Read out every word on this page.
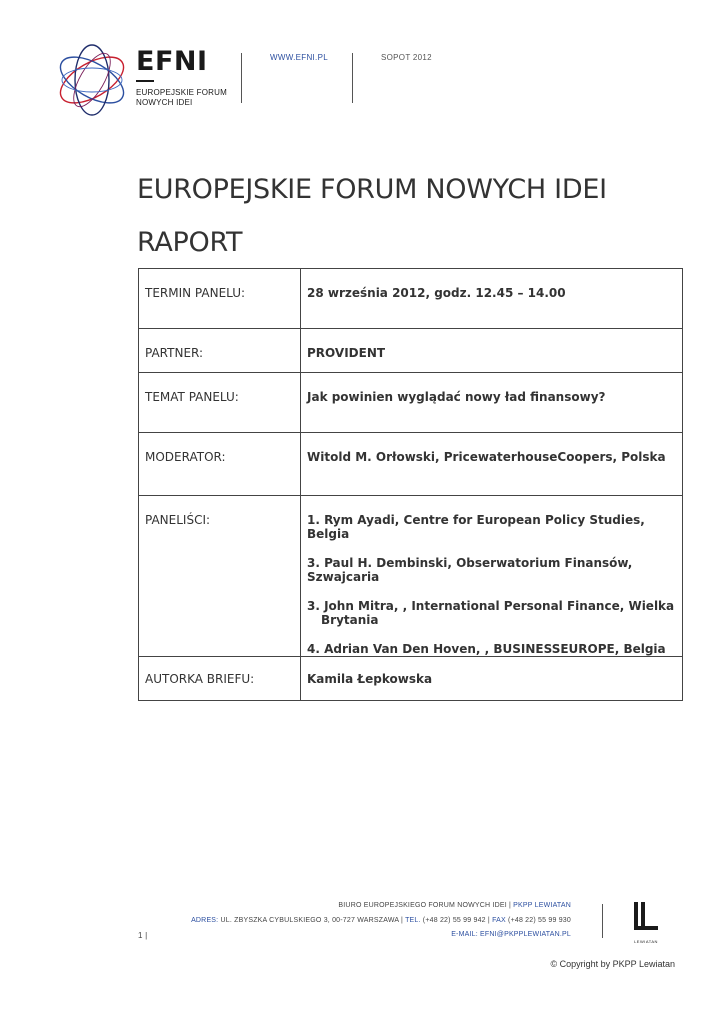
EFNI
EUROPEJSKIE FORUM
NOWYCH IDEI
WWW.EFNI.PL	SOPOT 2012
EUROPEJSKIE FORUM NOWYCH IDEI
RAPORT
TERMIN PANELU:	28 września 2012, godz. 12.45 – 14.00

PARTNER:	PROVIDENT

TEMAT PANELU:	Jak powinien wyglądać nowy ład finansowy?

MODERATOR:	Witold M. Orłowski, PricewaterhouseCoopers, Polska

PANELIŚCI:	1. Rym Ayadi, Centre for European Policy Studies, Belgia
3. Paul H. Dembinski, Obserwatorium Finansów, Szwajcaria
3. John Mitra, , International Personal Finance, Wielka
Brytania
4. Adrian Van Den Hoven, , BUSINESSEUROPE, Belgia

AUTORKA BRIEFU:	Kamila Łepkowska
BIURO EUROPEJSKIEGO FORUM NOWYCH IDEI | PKPP LEWIATAN
ADRES: UL. ZBYSZKA CYBULSKIEGO 3, 00-727 WARSZAWA | TEL. (+48 22) 55 99 942 | FAX (+48 22) 55 99 930
E-MAIL: EFNI@PKPPLEWIATAN.PL
1 |
LEWIATAN
© Copyright by PKPP Lewiatan
